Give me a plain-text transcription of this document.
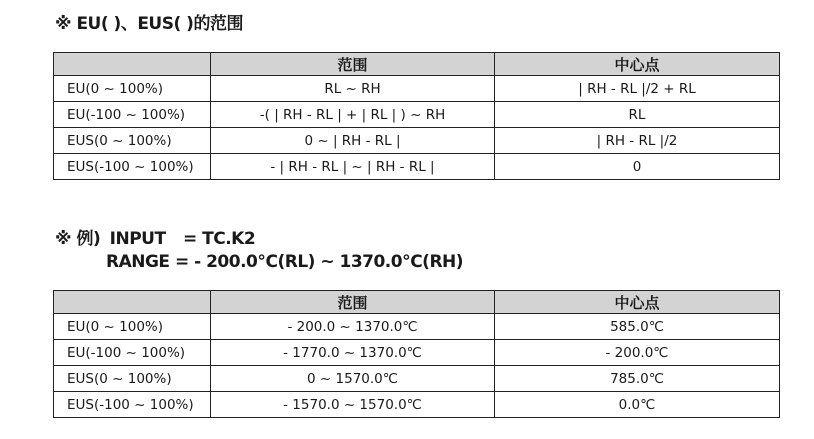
※ EU( )、EUS( )的范围
	范围	中心点
EU(0 ~ 100%)	RL ~ RH	| RH - RL |/2 + RL
EU(-100 ~ 100%)	-( | RH - RL | + | RL | ) ~ RH	RL
EUS(0 ~ 100%)	0 ~ | RH - RL |	| RH - RL |/2
EUS(-100 ~ 100%)	- | RH - RL | ~ | RH - RL |	0
※ 例) INPUT = TC.K2
RANGE = - 200.0℃(RL) ~ 1370.0℃(RH)
	范围	中心点
EU(0 ~ 100%)	- 200.0 ~ 1370.0℃	585.0℃
EU(-100 ~ 100%)	- 1770.0 ~ 1370.0℃	- 200.0℃
EUS(0 ~ 100%)	0 ~ 1570.0℃	785.0℃
EUS(-100 ~ 100%)	- 1570.0 ~ 1570.0℃	0.0℃
